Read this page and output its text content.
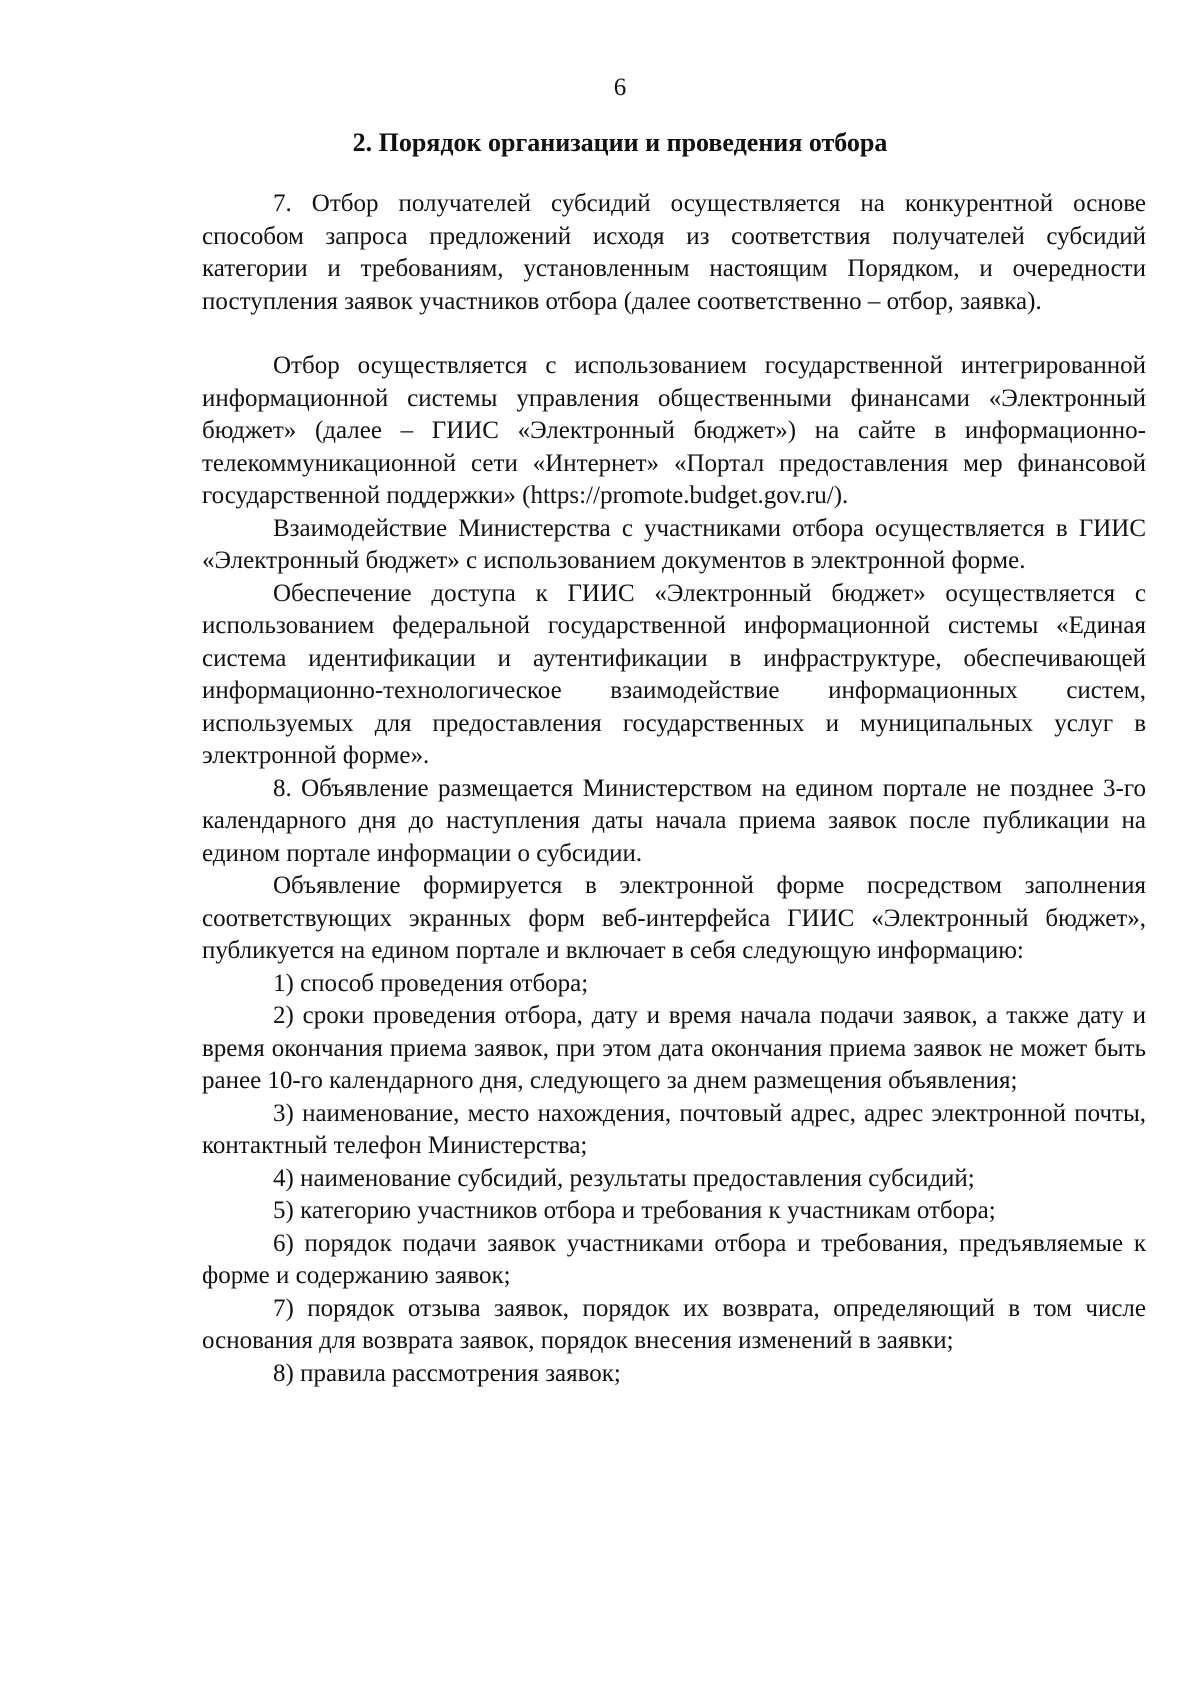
6
2. Порядок организации и проведения отбора

7. Отбор получателей субсидий осуществляется на конкурентной основе способом запроса предложений исходя из соответствия получателей субсидий категории и требованиям, установленным настоящим Порядком, и очередности поступления заявок участников отбора (далее соответственно – отбор, заявка).

Отбор осуществляется с использованием государственной интегрированной информационной системы управления общественными финансами «Электронный бюджет» (далее – ГИИС «Электронный бюджет») на сайте в информационно-телекоммуникационной сети «Интернет» «Портал предоставления мер финансовой государственной поддержки» (https://promote.budget.gov.ru/).

Взаимодействие Министерства с участниками отбора осуществляется в ГИИС «Электронный бюджет» с использованием документов в электронной форме.

Обеспечение доступа к ГИИС «Электронный бюджет» осуществляется с использованием федеральной государственной информационной системы «Единая система идентификации и аутентификации в инфраструктуре, обеспечивающей информационно-технологическое взаимодействие информационных систем, используемых для предоставления государственных и муниципальных услуг в электронной форме».

8. Объявление размещается Министерством на едином портале не позднее 3-го календарного дня до наступления даты начала приема заявок после публикации на едином портале информации о субсидии.

Объявление формируется в электронной форме посредством заполнения соответствующих экранных форм веб-интерфейса ГИИС «Электронный бюджет», публикуется на едином портале и включает в себя следующую информацию:

1) способ проведения отбора;

2) сроки проведения отбора, дату и время начала подачи заявок, а также дату и время окончания приема заявок, при этом дата окончания приема заявок не может быть ранее 10-го календарного дня, следующего за днем размещения объявления;

3) наименование, место нахождения, почтовый адрес, адрес электронной почты, контактный телефон Министерства;

4) наименование субсидий, результаты предоставления субсидий;

5) категорию участников отбора и требования к участникам отбора;

6) порядок подачи заявок участниками отбора и требования, предъявляемые к форме и содержанию заявок;

7) порядок отзыва заявок, порядок их возврата, определяющий в том числе основания для возврата заявок, порядок внесения изменений в заявки;

8) правила рассмотрения заявок;
